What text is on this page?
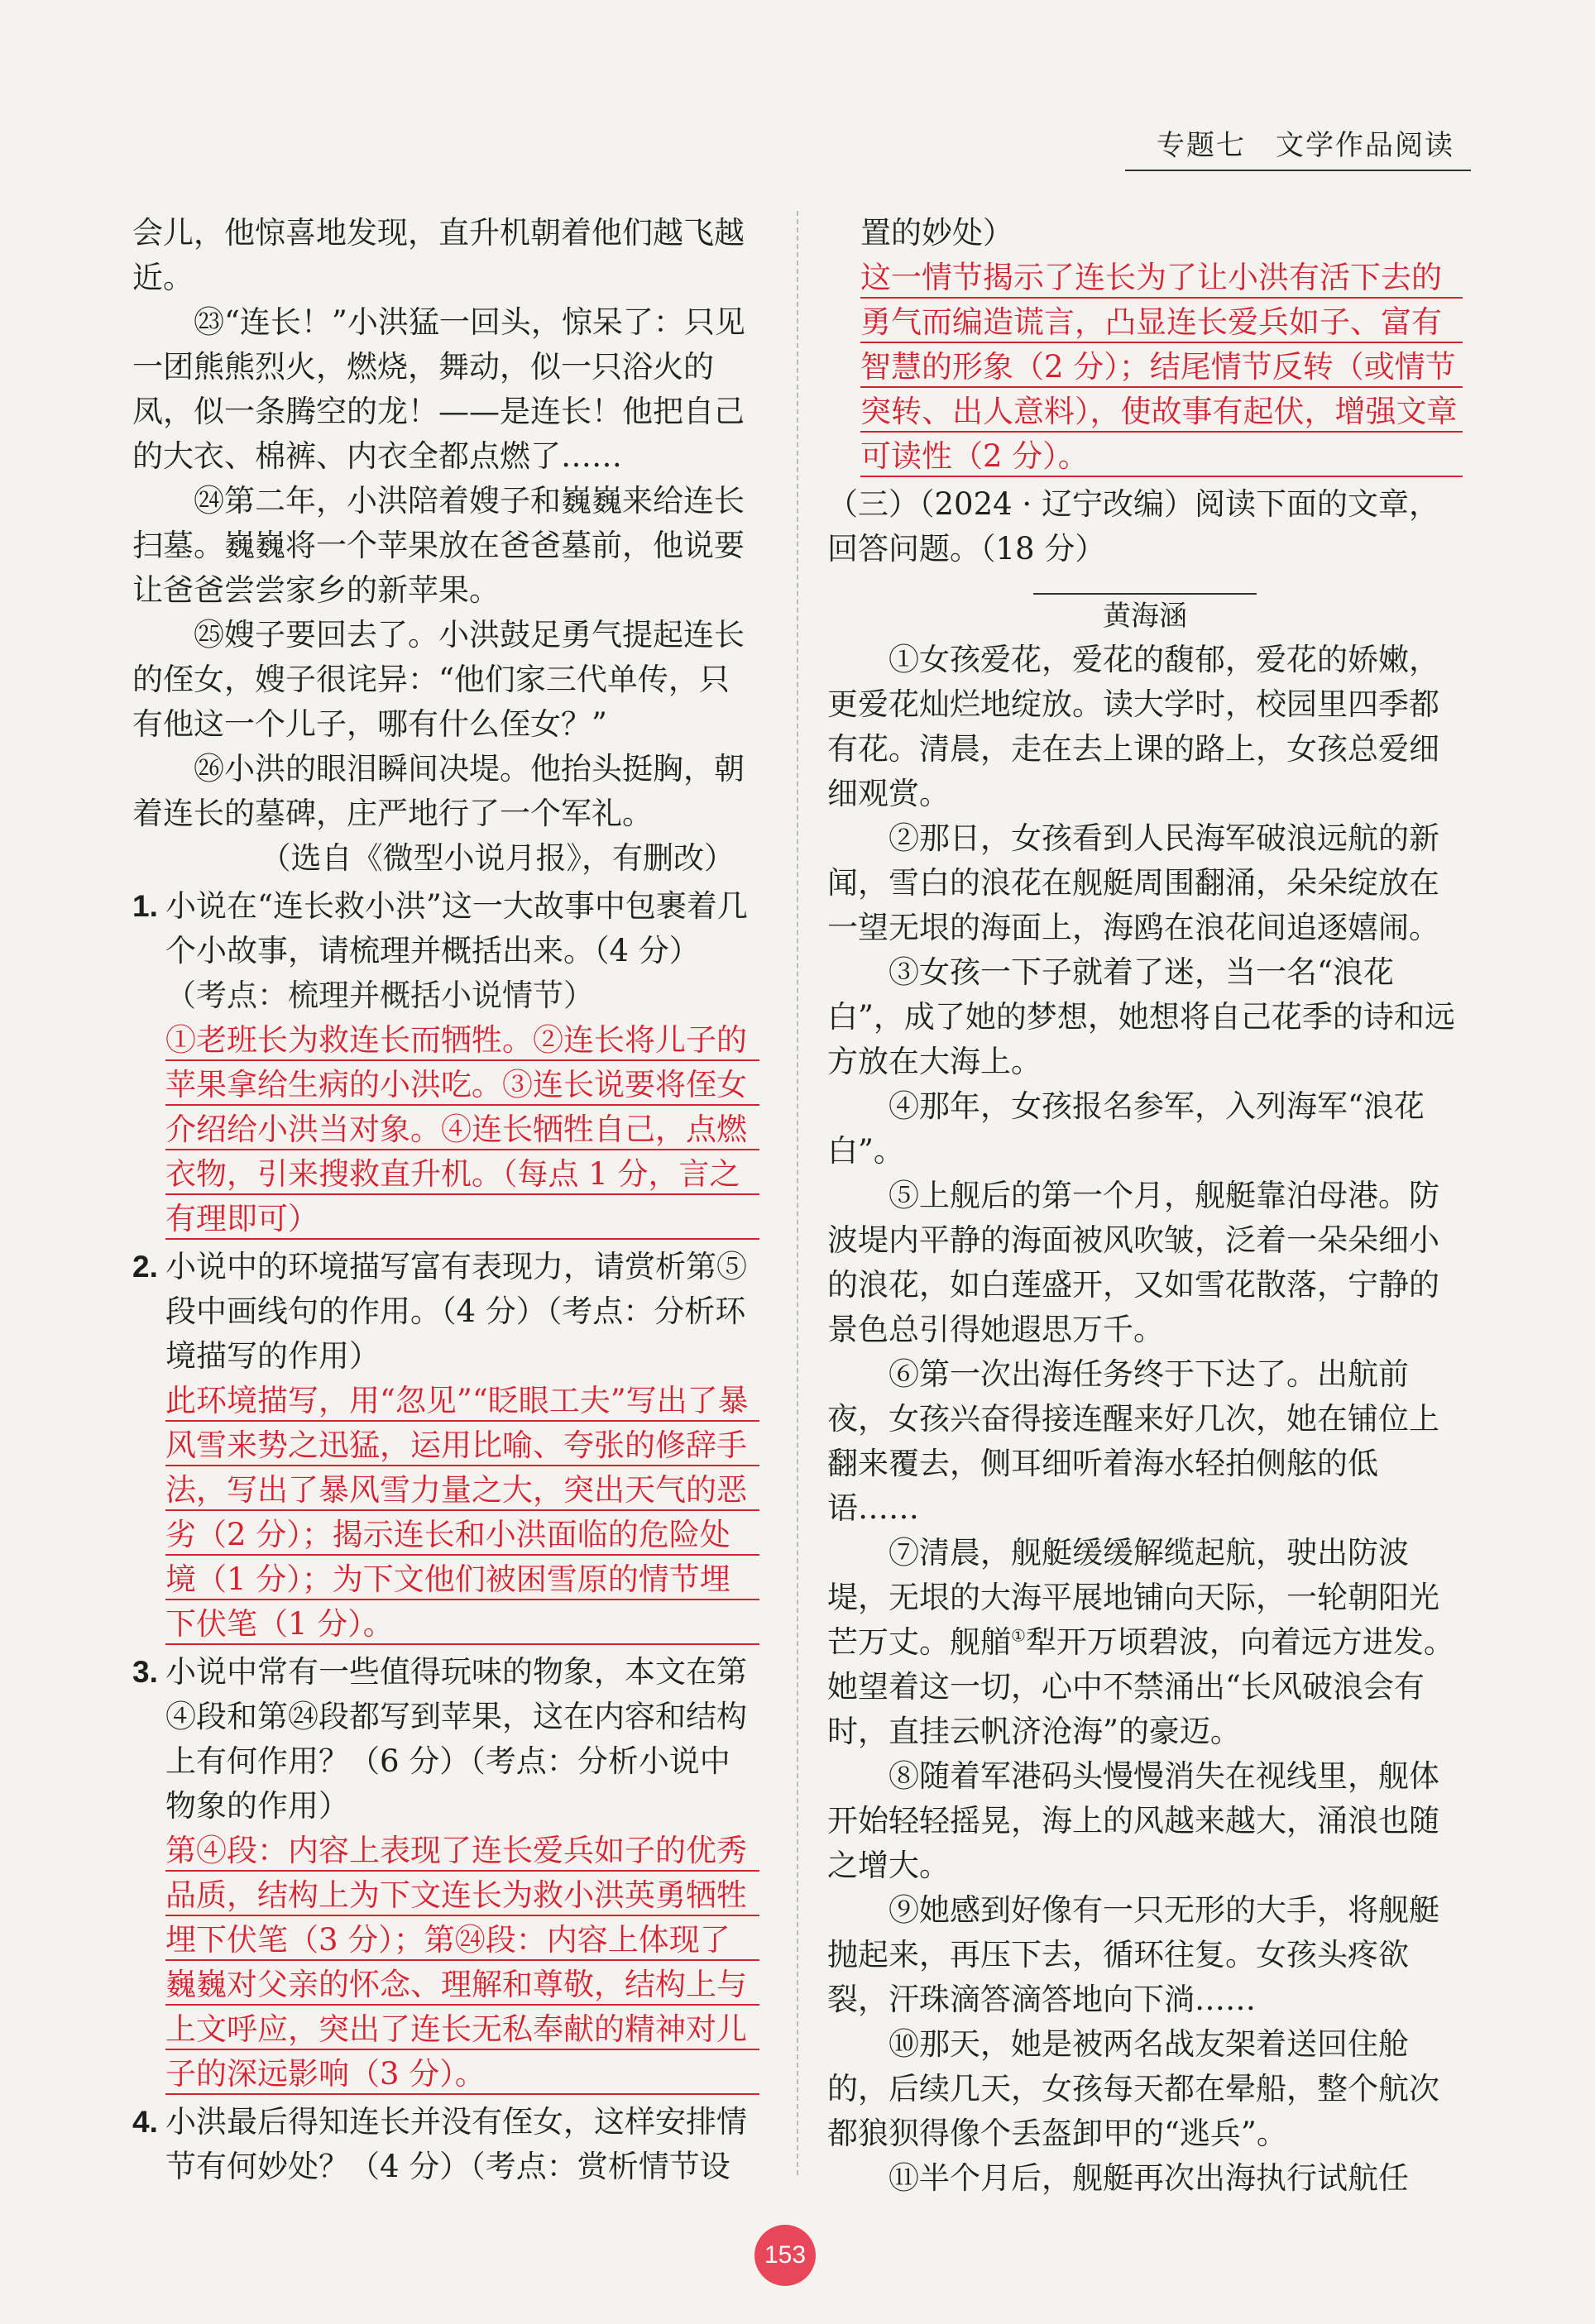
专题七　文学作品阅读

会儿，他惊喜地发现，直升机朝着他们越飞越近。

㉓“连长！”小洪猛一回头，惊呆了：只见一团熊熊烈火，燃烧，舞动，似一只浴火的凤，似一条腾空的龙！——是连长！他把自己的大衣、棉裤、内衣全都点燃了……

㉔第二年，小洪陪着嫂子和巍巍来给连长扫墓。巍巍将一个苹果放在爸爸墓前，他说要让爸爸尝尝家乡的新苹果。

㉕嫂子要回去了。小洪鼓足勇气提起连长的侄女，嫂子很诧异：“他们家三代单传，只有他这一个儿子，哪有什么侄女？”

㉖小洪的眼泪瞬间决堤。他抬头挺胸，朝着连长的墓碑，庄严地行了一个军礼。

（选自《微型小说月报》，有删改）

1. 小说在“连长救小洪”这一大故事中包裹着几个小故事，请梳理并概括出来。（4 分）

（考点：梳理并概括小说情节）

①老班长为救连长而牺牲。②连长将儿子的苹果拿给生病的小洪吃。③连长说要将侄女介绍给小洪当对象。④连长牺牲自己，点燃衣物，引来搜救直升机。（每点 1 分，言之有理即可）

2. 小说中的环境描写富有表现力，请赏析第⑤段中画线句的作用。（4 分）（考点：分析环境描写的作用）

此环境描写，用“忽见”“眨眼工夫”写出了暴风雪来势之迅猛，运用比喻、夸张的修辞手法，写出了暴风雪力量之大，突出天气的恶劣（2 分）；揭示连长和小洪面临的危险处境（1 分）；为下文他们被困雪原的情节埋下伏笔（1 分）。

3. 小说中常有一些值得玩味的物象，本文在第④段和第㉔段都写到苹果，这在内容和结构上有何作用？（6 分）（考点：分析小说中物象的作用）

第④段：内容上表现了连长爱兵如子的优秀品质，结构上为下文连长为救小洪英勇牺牲埋下伏笔（3 分）；第㉔段：内容上体现了巍巍对父亲的怀念、理解和尊敬，结构上与上文呼应，突出了连长无私奉献的精神对儿子的深远影响（3 分）。

4. 小洪最后得知连长并没有侄女，这样安排情节有何妙处？（4 分）（考点：赏析情节设

置的妙处）

这一情节揭示了连长为了让小洪有活下去的勇气而编造谎言，凸显连长爱兵如子、富有智慧的形象（2 分）；结尾情节反转（或情节突转、出人意料），使故事有起伏，增强文章可读性（2 分）。

（三）（2024 · 辽宁改编）阅读下面的文章，回答问题。（18 分）

黄海涵

①女孩爱花，爱花的馥郁，爱花的娇嫩，更爱花灿烂地绽放。读大学时，校园里四季都有花。清晨，走在去上课的路上，女孩总爱细细观赏。

②那日，女孩看到人民海军破浪远航的新闻，雪白的浪花在舰艇周围翻涌，朵朵绽放在一望无垠的海面上，海鸥在浪花间追逐嬉闹。

③女孩一下子就着了迷，当一名“浪花白”，成了她的梦想，她想将自己花季的诗和远方放在大海上。

④那年，女孩报名参军，入列海军“浪花白”。

⑤上舰后的第一个月，舰艇靠泊母港。防波堤内平静的海面被风吹皱，泛着一朵朵细小的浪花，如白莲盛开，又如雪花散落，宁静的景色总引得她遐思万千。

⑥第一次出海任务终于下达了。出航前夜，女孩兴奋得接连醒来好几次，她在铺位上翻来覆去，侧耳细听着海水轻拍侧舷的低语……

⑦清晨，舰艇缓缓解缆起航，驶出防波堤，无垠的大海平展地铺向天际，一轮朝阳光芒万丈。舰艏①犁开万顷碧波，向着远方进发。她望着这一切，心中不禁涌出“长风破浪会有时，直挂云帆济沧海”的豪迈。

⑧随着军港码头慢慢消失在视线里，舰体开始轻轻摇晃，海上的风越来越大，涌浪也随之增大。

⑨她感到好像有一只无形的大手，将舰艇抛起来，再压下去，循环往复。女孩头疼欲裂，汗珠滴答滴答地向下淌……

⑩那天，她是被两名战友架着送回住舱的，后续几天，女孩每天都在晕船，整个航次都狼狈得像个丢盔卸甲的“逃兵”。

⑪半个月后，舰艇再次出海执行试航任

153
